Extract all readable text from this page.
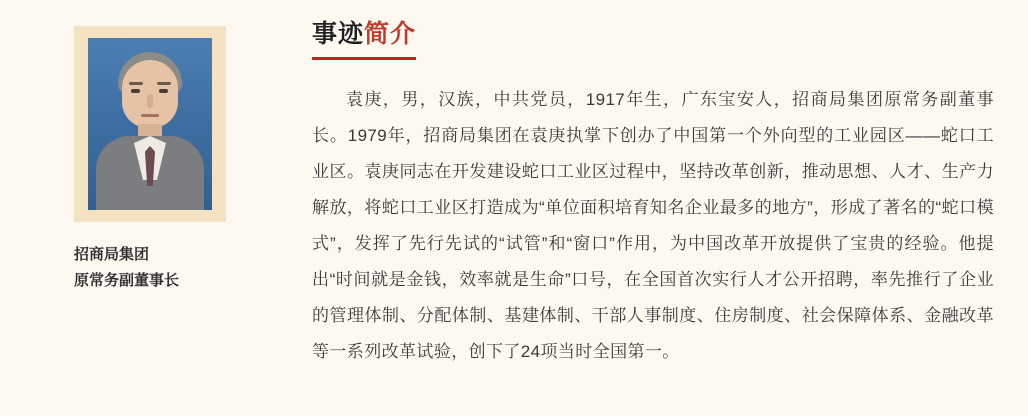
招商局集团
原常务副董事长
事迹简介

袁庚，男，汉族，中共党员，1917年生，广东宝安人，招商局集团原常务副董事长。1979年，招商局集团在袁庚执掌下创办了中国第一个外向型的工业园区——蛇口工业区。袁庚同志在开发建设蛇口工业区过程中，坚持改革创新，推动思想、人才、生产力解放，将蛇口工业区打造成为“单位面积培育知名企业最多的地方”，形成了著名的“蛇口模式”，发挥了先行先试的“试管”和“窗口”作用，为中国改革开放提供了宝贵的经验。他提出“时间就是金钱，效率就是生命”口号，在全国首次实行人才公开招聘，率先推行了企业的管理体制、分配体制、基建体制、干部人事制度、住房制度、社会保障体系、金融改革等一系列改革试验，创下了24项当时全国第一。
